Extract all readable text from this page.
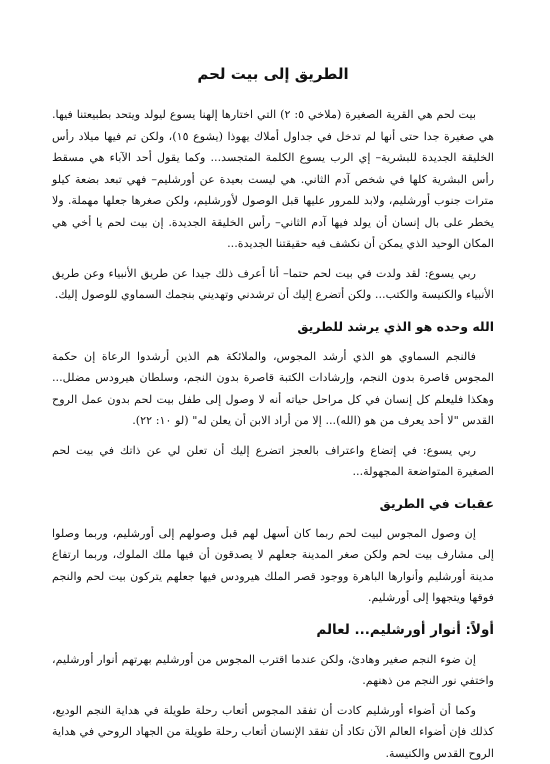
الطريق إلى بيت لحم

بيت لحم هي القرية الصغيرة (ملاخي ٥: ٢) التي اختارها إلهنا يسوع ليولد ويتحد بطبيعتنا فيها. هي صغيرة جدا حتى أنها لم تدخل في جداول أملاك يهوذا (يشوع ١٥)، ولكن تم فيها ميلاد رأس الخليقة الجديدة للبشرية– إي الرب يسوع الكلمة المتجسد... وكما يقول أحد الآباء هي مسقط رأس البشرية كلها في شخص آدم الثاني. هي ليست بعيدة عن أورشليم– فهي تبعد بضعة كيلو مترات جنوب أورشليم، ولابد للمرور عليها قبل الوصول لأورشليم، ولكن صغرها جعلها مهملة. ولا يخطر على بال إنسان أن يولد فيها آدم الثاني– رأس الخليقة الجديدة. إن بيت لحم يا أخي هي المكان الوحيد الذي يمكن أن نكشف فيه حقيقتنا الجديدة...

ربي يسوع: لقد ولدت في بيت لحم حتما– أنا أعرف ذلك جيدا عن طريق الأنبياء وعن طريق الأنبياء والكنيسة والكتب... ولكن أتضرع إليك أن ترشدني وتهديني بنجمك السماوي للوصول إليك.

الله وحده هو الذي يرشد للطريق

فالنجم السماوي هو الذي أرشد المجوس، والملائكة هم الذين أرشدوا الرعاة إن حكمة المجوس قاصرة بدون النجم، وإرشادات الكتبة قاصرة بدون النجم، وسلطان هيرودس مضلل... وهكذا فليعلم كل إنسان في كل مراحل حياته أنه لا وصول إلى طفل بيت لحم بدون عمل الروح القدس "لا أحد يعرف من هو (الله)... إلا من أراد الابن أن يعلن له" (لو ١٠: ٢٢).

ربي يسوع: في إتضاع واعتراف بالعجز اتضرع إليك أن تعلن لي عن ذاتك في بيت لحم الصغيرة المتواضعة المجهولة...

عقبات في الطريق

إن وصول المجوس لبيت لحم ربما كان أسهل لهم قبل وصولهم إلى أورشليم، وربما وصلوا إلى مشارف بيت لحم ولكن صغر المدينة جعلهم لا يصدقون أن فيها ملك الملوك، وربما ارتفاع مدينة أورشليم وأنوارها الباهرة ووجود قصر الملك هيرودس فيها جعلهم يتركون بيت لحم والنجم فوقها ويتجهوا إلى أورشليم.

أولاً: أنوار أورشليم... لعالم

إن ضوء النجم صغير وهادئ، ولكن عندما اقترب المجوس من أورشليم بهرتهم أنوار أورشليم، واختفي نور النجم من ذهنهم.

وكما أن أضواء أورشليم كادت أن تفقد المجوس أتعاب رحلة طويلة في هداية النجم الوديع، كذلك فإن أضواء العالم الآن تكاد أن تفقد الإنسان أتعاب رحلة طويلة من الجهاد الروحي في هداية الروح القدس والكنيسة.
